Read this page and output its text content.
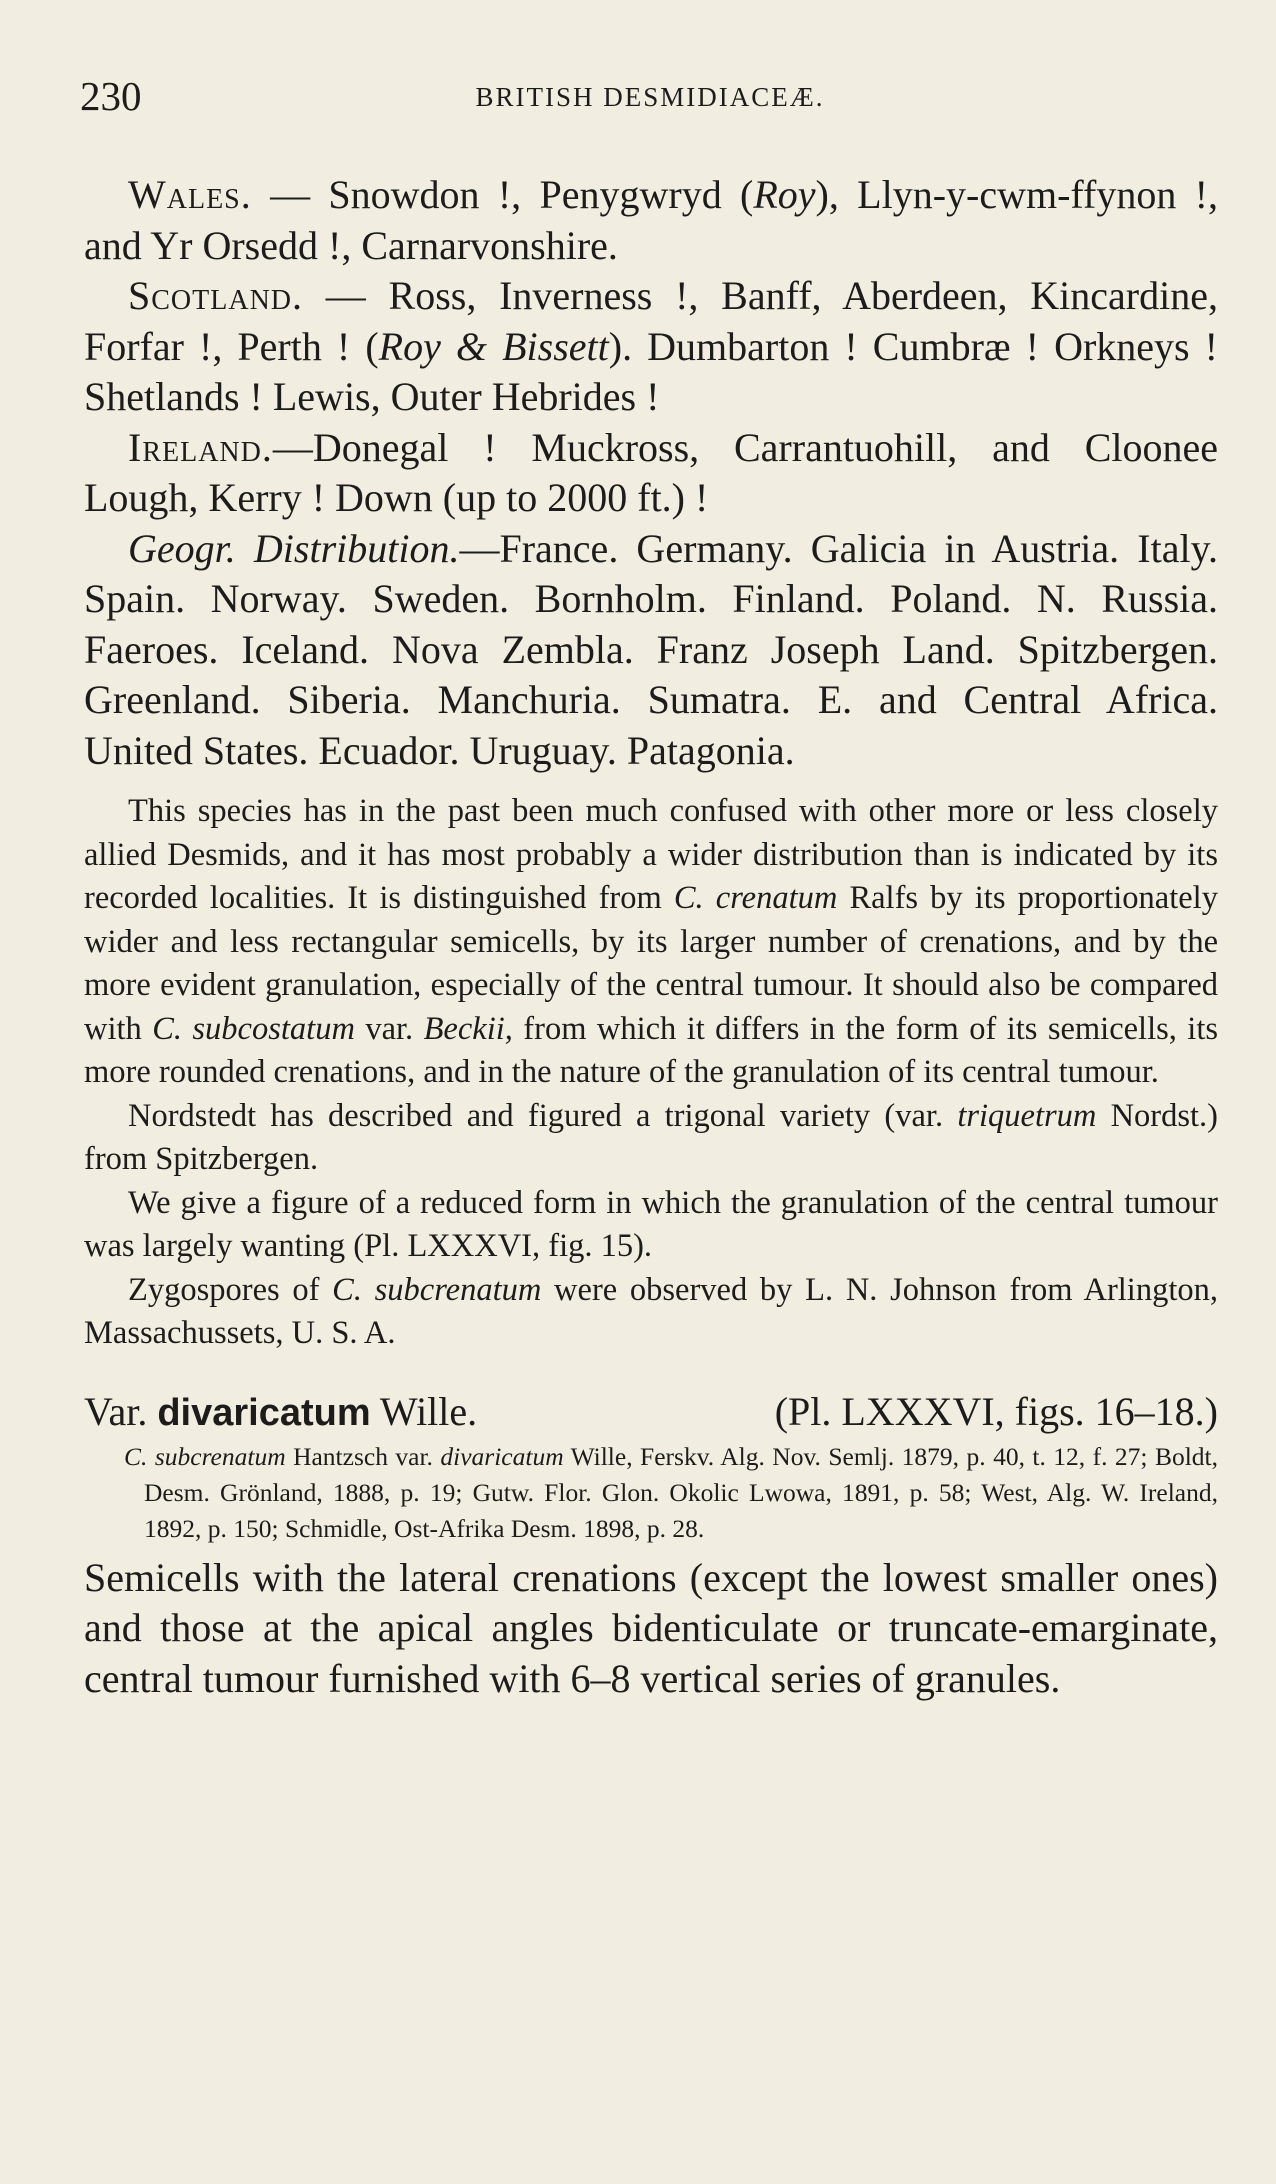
230	BRITISH DESMIDIACEÆ.

Wales. — Snowdon !, Penygwryd (Roy), Llyn-y-cwm-ffynon !, and Yr Orsedd !, Carnarvonshire.

Scotland. — Ross, Inverness !, Banff, Aberdeen, Kincardine, Forfar !, Perth ! (Roy & Bissett). Dumbarton ! Cumbræ ! Orkneys ! Shetlands ! Lewis, Outer Hebrides !

Ireland.—Donegal ! Muckross, Carrantuohill, and Cloonee Lough, Kerry ! Down (up to 2000 ft.) !

Geogr. Distribution.—France. Germany. Galicia in Austria. Italy. Spain. Norway. Sweden. Bornholm. Finland. Poland. N. Russia. Faeroes. Iceland. Nova Zembla. Franz Joseph Land. Spitzbergen. Greenland. Siberia. Manchuria. Sumatra. E. and Central Africa. United States. Ecuador. Uruguay. Patagonia.

This species has in the past been much confused with other more or less closely allied Desmids, and it has most probably a wider distribution than is indicated by its recorded localities. It is distinguished from C. crenatum Ralfs by its proportionately wider and less rectangular semicells, by its larger number of crenations, and by the more evident granulation, especially of the central tumour. It should also be compared with C. subcostatum var. Beckii, from which it differs in the form of its semicells, its more rounded crenations, and in the nature of the granulation of its central tumour.

Nordstedt has described and figured a trigonal variety (var. triquetrum Nordst.) from Spitzbergen.

We give a figure of a reduced form in which the granulation of the central tumour was largely wanting (Pl. LXXXVI, fig. 15).

Zygospores of C. subcrenatum were observed by L. N. Johnson from Arlington, Massachussets, U. S. A.

Var. divaricatum Wille.	(Pl. LXXXVI, figs. 16–18.)

C. subcrenatum Hantzsch var. divaricatum Wille, Ferskv. Alg. Nov. Semlj. 1879, p. 40, t. 12, f. 27; Boldt, Desm. Grönland, 1888, p. 19; Gutw. Flor. Glon. Okolic Lwowa, 1891, p. 58; West, Alg. W. Ireland, 1892, p. 150; Schmidle, Ost-Afrika Desm. 1898, p. 28.

Semicells with the lateral crenations (except the lowest smaller ones) and those at the apical angles bidenticulate or truncate-emarginate, central tumour furnished with 6–8 vertical series of granules.
